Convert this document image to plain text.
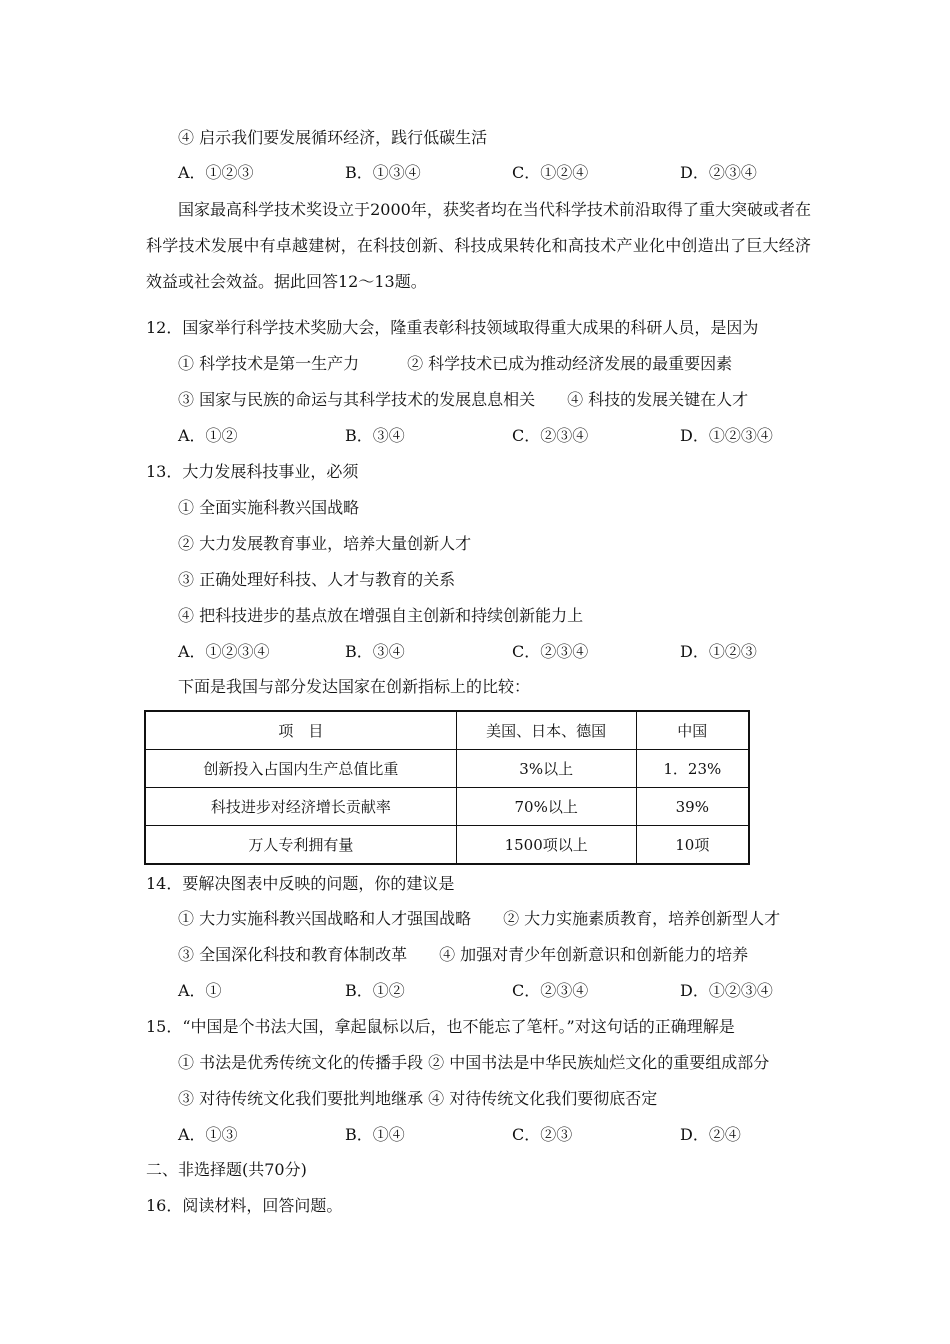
④ 启示我们要发展循环经济，践行低碳生活
A．①②③	B．①③④	C．①②④	D．②③④
国家最高科学技术奖设立于2000年，获奖者均在当代科学技术前沿取得了重大突破或者在科学技术发展中有卓越建树，在科技创新、科技成果转化和高技术产业化中创造出了巨大经济效益或社会效益。据此回答12～13题。
12．国家举行科学技术奖励大会，隆重表彰科技领域取得重大成果的科研人员，是因为
① 科学技术是第一生产力　　　② 科学技术已成为推动经济发展的最重要因素
③ 国家与民族的命运与其科学技术的发展息息相关　　④ 科技的发展关键在人才
A．①②	B．③④	C．②③④	D．①②③④
13．大力发展科技事业，必须
① 全面实施科教兴国战略
② 大力发展教育事业，培养大量创新人才
③ 正确处理好科技、人才与教育的关系
④ 把科技进步的基点放在增强自主创新和持续创新能力上
A．①②③④	B．③④	C．②③④	D．①②③
下面是我国与部分发达国家在创新指标上的比较：
项　目	美国、日本、德国	中国
创新投入占国内生产总值比重	3%以上	1．23%
科技进步对经济增长贡献率	70%以上	39%
万人专利拥有量	1500项以上	10项
14．要解决图表中反映的问题，你的建议是
① 大力实施科教兴国战略和人才强国战略　　② 大力实施素质教育，培养创新型人才
③ 全国深化科技和教育体制改革　　④ 加强对青少年创新意识和创新能力的培养
A．①	B．①②	C．②③④	D．①②③④
15．“中国是个书法大国，拿起鼠标以后，也不能忘了笔杆。”对这句话的正确理解是
① 书法是优秀传统文化的传播手段 ② 中国书法是中华民族灿烂文化的重要组成部分
③ 对待传统文化我们要批判地继承 ④ 对待传统文化我们要彻底否定
A．①③	B．①④	C．②③	D．②④
二、非选择题(共70分)
16．阅读材料，回答问题。
